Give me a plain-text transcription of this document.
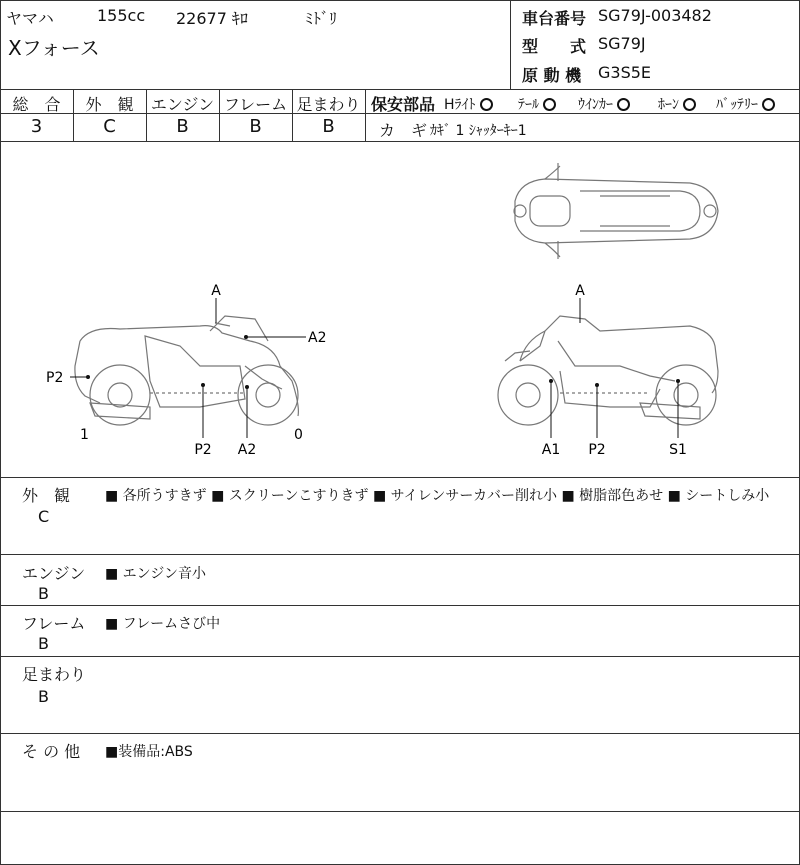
ヤマハ	155cc 22677 ｷﾛ	ﾐﾄﾞﾘ
Xフォース
車台番号 SG79J-003482
型　　式 SG79J
原 動 機 G3S5E
総　合	外　観	エンジン フレーム 足まわり
3	C	B	B	B
保安部品 Hﾗｲﾄ	ﾃｰﾙ	ｳｲﾝｶｰ	ﾎｰﾝ	ﾊﾞｯﾃﾘｰ
カ　ギ ｶｷﾞ 1 ｼｬｯﾀｰｷｰ1
A
A2
P2
1
P2 A2
0
A
A1 P2	S1
外　観
C
■ 各所うすきず ■ スクリーンこすりきず ■ サイレンサーカバー削れ小 ■ 樹脂部色あせ ■ シートしみ小
エンジン
B
■ エンジン音小
フレーム
B
■ フレームさび中
足まわり
B
そ の 他 ■装備品:ABS
